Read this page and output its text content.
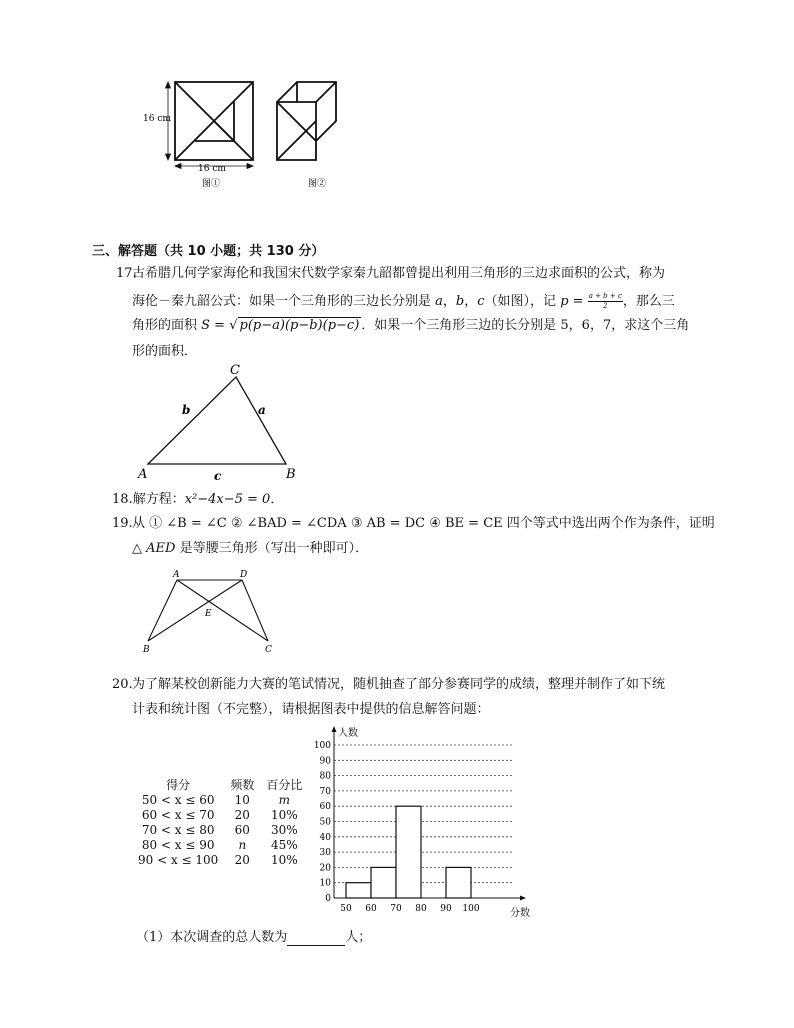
16 cm
16 cm
图①	图②
三、解答题（共 10 小题；共 130 分）
17.
古希腊几何学家海伦和我国宋代数学家秦九韶都曾提出利用三角形的三边求面积的公式，称为
海伦－秦九韶公式：如果一个三角形的三边长分别是 a，b，c（如图），记 $p = \frac{a + b + c}{2}$ ，那么三
角形的面积 S = √ p(p−a)(p−b)(p−c) ．如果一个三角形三边的长分别是 5，6，7，求这个三角
形的面积．
C
A	B
b	a
c
18.解方程：x²−4x−5 = 0．
19. 从 ① ∠B = ∠C ② ∠BAD = ∠CDA ③ AB = DC ④ BE = CE 四个等式中选出两个作为条件，证明
△ AED 是等腰三角形（写出一种即可）．
A	D
E
B	C
20. 为了解某校创新能力大赛的笔试情况，随机抽查了部分参赛同学的成绩，整理并制作了如下统
计表和统计图（不完整），请根据图表中提供的信息解答问题：
得分	频数	百分比
50 < x ≤ 60	10	m
60 < x ≤ 70	20	10%
70 < x ≤ 80	60	30%
80 < x ≤ 90	n	45%
90 < x ≤ 100	20	10%
0
10
20
30
40
50
60
70
80
90
100
人数
分数
50 60 70 80 90 100
（1）本次调查的总人数为	人；
